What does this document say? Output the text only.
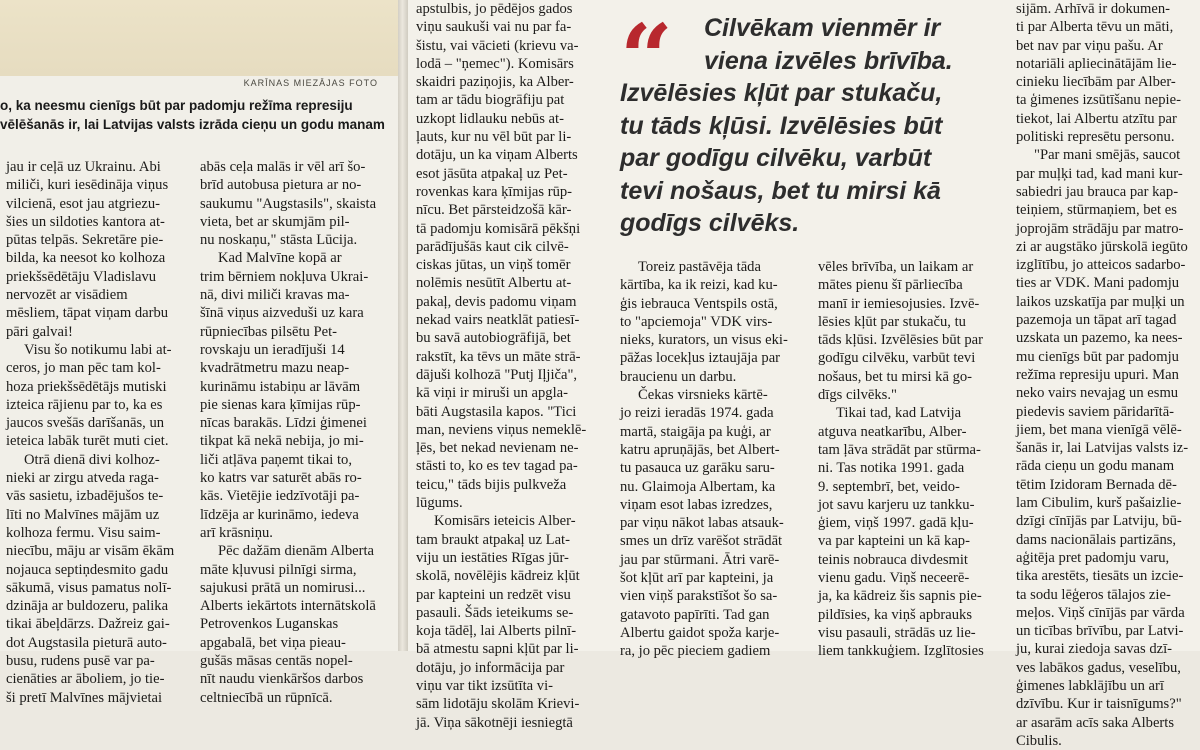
KARĪNAS MIEZĀJAS FOTO
o, ka neesmu cienīgs būt par padomju režīma represiju
vēlēšanās ir, lai Latvijas valsts izrāda cieņu un godu manam
jau ir ceļā uz Ukrainu. Abi
miliči, kuri iesēdināja viņus
vilcienā, esot jau atgriezu-
šies un sildoties kantora at-
pūtas telpās. Sekretāre pie-
bilda, ka neesot ko kolhoza
priekšsēdētāju Vladislavu
nervozēt ar visādiem
mēsliem, tāpat viņam darbu
pāri galvai!
Visu šo notikumu labi at-
ceros, jo man pēc tam kol-
hoza priekšsēdētājs mutiski
izteica rājienu par to, ka es
jaucos svešās darīšanās, un
ieteica labāk turēt muti ciet.
Otrā dienā divi kolhoz-
nieki ar zirgu atveda raga-
vās sasietu, izbadējušos te-
līti no Malvīnes mājām uz
kolhoza fermu. Visu saim-
niecību, māju ar visām ēkām
nojauca septiņdesmito gadu
sākumā, visus pamatus nolī-
dzināja ar buldozeru, palika
tikai ābeļdārzs. Dažreiz gai-
dot Augstasila pieturā auto-
busu, rudens pusē var pa-
cienāties ar āboliem, jo tie-
ši pretī Malvīnes mājvietai
abās ceļa malās ir vēl arī šo-
brīd autobusa pietura ar no-
saukumu "Augstasils", skaista
vieta, bet ar skumjām pil-
nu noskaņu," stāsta Lūcija.
Kad Malvīne kopā ar
trim bērniem nokļuva Ukrai-
nā, divi miliči kravas ma-
šīnā viņus aizveduši uz kara
rūpniecības pilsētu Pet-
rovskaju un ieradījuši 14
kvadrātmetru mazu neap-
kurināmu istabiņu ar lāvām
pie sienas kara ķīmijas rūp-
nīcas barakās. Līdzi ģimenei
tikpat kā nekā nebija, jo mi-
liči atļāva paņemt tikai to,
ko katrs var saturēt abās ro-
kās. Vietējie iedzīvotāji pa-
līdzēja ar kurināmo, iedeva
arī krāsniņu.
Pēc dažām dienām Alberta
māte kļuvusi pilnīgi sirma,
sajukusi prātā un nomirusi...
Alberts iekārtots internātskolā
Petrovenkos Luganskas
apgabalā, bet viņa pieau-
gušās māsas centās nopel-
nīt naudu vienkāršos darbos
celtniecībā un rūpnīcā.
apstulbis, jo pēdējos gados
viņu saukuši vai nu par fa-
šistu, vai vācieti (krievu va-
lodā – "ņemec"). Komisārs
skaidri paziņojis, ka Alber-
tam ar tādu biogrāfiju pat
uzkopt lidlauku nebūs at-
ļauts, kur nu vēl būt par li-
dotāju, un ka viņam Alberts
esot jāsūta atpakaļ uz Pet-
rovenkas kara ķīmijas rūp-
nīcu. Bet pārsteidzošā kār-
tā padomju komisārā pēkšņi
parādījušās kaut cik cilvē-
ciskas jūtas, un viņš tomēr
nolēmis nesūtīt Albertu at-
pakaļ, devis padomu viņam
nekad vairs neatklāt patiesī-
bu savā autobiogrāfijā, bet
rakstīt, ka tēvs un māte strā-
dājuši kolhozā "Putj Iļjiča",
kā viņi ir miruši un apgla-
bāti Augstasila kapos. "Tici
man, neviens viņus nemeklē-
ļēs, bet nekad nevienam ne-
stāsti to, ko es tev tagad pa-
teicu," tāds bijis pulkveža
lūgums.
Komisārs ieteicis Alber-
tam braukt atpakaļ uz Lat-
viju un iestāties Rīgas jūr-
skolā, novēlējis kādreiz kļūt
par kapteini un redzēt visu
pasauli. Šāds ieteikums se-
koja tādēļ, lai Alberts pilnī-
bā atmestu sapni kļūt par li-
dotāju, jo informācija par
viņu var tikt izsūtīta vi-
sām lidotāju skolām Krievi-
jā. Viņa sākotnēji iesniegtā
“	Cilvēkam vienmēr ir
viena izvēles brīvība.
Izvēlēsies kļūt par stukaču,
tu tāds kļūsi. Izvēlēsies būt
par godīgu cilvēku, varbūt
tevi nošaus, bet tu mirsi kā
godīgs cilvēks.
Toreiz pastāvēja tāda
kārtība, ka ik reizi, kad ku-
ģis iebrauca Ventspils ostā,
to "apciemoja" VDK virs-
nieks, kurators, un visus eki-
pāžas locekļus iztaujāja par
braucienu un darbu.
Čekas virsnieks kārtē-
jo reizi ieradās 1974. gada
martā, staigāja pa kuģi, ar
katru apruņājās, bet Albert-
tu pasauca uz garāku saru-
nu. Glaimoja Albertam, ka
viņam esot labas izredzes,
par viņu nākot labas atsauk-
smes un drīz varēšot strādāt
jau par stūrmani. Ātri varē-
šot kļūt arī par kapteini, ja
vien viņš parakstīšot šo sa-
gatavoto papīrīti. Tad gan
Albertu gaidot spoža karje-
ra, jo pēc pieciem gadiem
vēles brīvība, un laikam ar
mātes pienu šī pārliecība
manī ir iemiesojusies. Izvē-
lēsies kļūt par stukaču, tu
tāds kļūsi. Izvēlēsies būt par
godīgu cilvēku, varbūt tevi
nošaus, bet tu mirsi kā go-
dīgs cilvēks."
Tikai tad, kad Latvija
atguva neatkarību, Alber-
tam ļāva strādāt par stūrma-
ni. Tas notika 1991. gada
9. septembrī, bet, veido-
jot savu karjeru uz tankku-
ģiem, viņš 1997. gadā kļu-
va par kapteini un kā kap-
teinis nobrauca divdesmit
vienu gadu. Viņš neceerē-
ja, ka kādreiz šis sapnis pie-
pildīsies, ka viņš apbrauks
visu pasauli, strādās uz lie-
liem tankkuģiem. Izglītosies
sijām. Arhīvā ir dokumen-
ti par Alberta tēvu un māti,
bet nav par viņu pašu. Ar
notariāli apliecinātājām lie-
cinieku liecībām par Alber-
ta ģimenes izsūtīšanu nepie-
tiekot, lai Albertu atzītu par
politiski represētu personu.
"Par mani smējās, saucot
par muļķi tad, kad mani kur-
sabiedri jau brauca par kap-
teiņiem, stūrmaņiem, bet es
joprojām strādāju par matro-
zi ar augstāko jūrskolā iegūto
izglītību, jo atteicos sadarbo-
ties ar VDK. Mani padomju
laikos uzskatīja par muļķi un
pazemoja un tāpat arī tagad
uzskata un pazemo, ka nees-
mu cienīgs būt par padomju
režīma represiju upuri. Man
neko vairs nevajag un esmu
piedevis saviem pāridarītā-
jiem, bet mana vienīgā vēlē-
šanās ir, lai Latvijas valsts iz-
rāda cieņu un godu manam
tētim Izidoram Bernada dē-
lam Cibulim, kurš pašaizlie-
dzīgi cīnījās par Latviju, bū-
dams nacionālais partizāns,
aģitēja pret padomju varu,
tika arestēts, tiesāts un izcie-
ta sodu lēģeros tālajos zie-
meļos. Viņš cīnījās par vārda
un ticības brīvību, par Latvi-
ju, kurai ziedoja savas dzī-
ves labākos gadus, veselību,
ģimenes labklājību un arī
dzīvību. Kur ir taisnīgums?"
ar asarām acīs saka Alberts
Cibulis.
